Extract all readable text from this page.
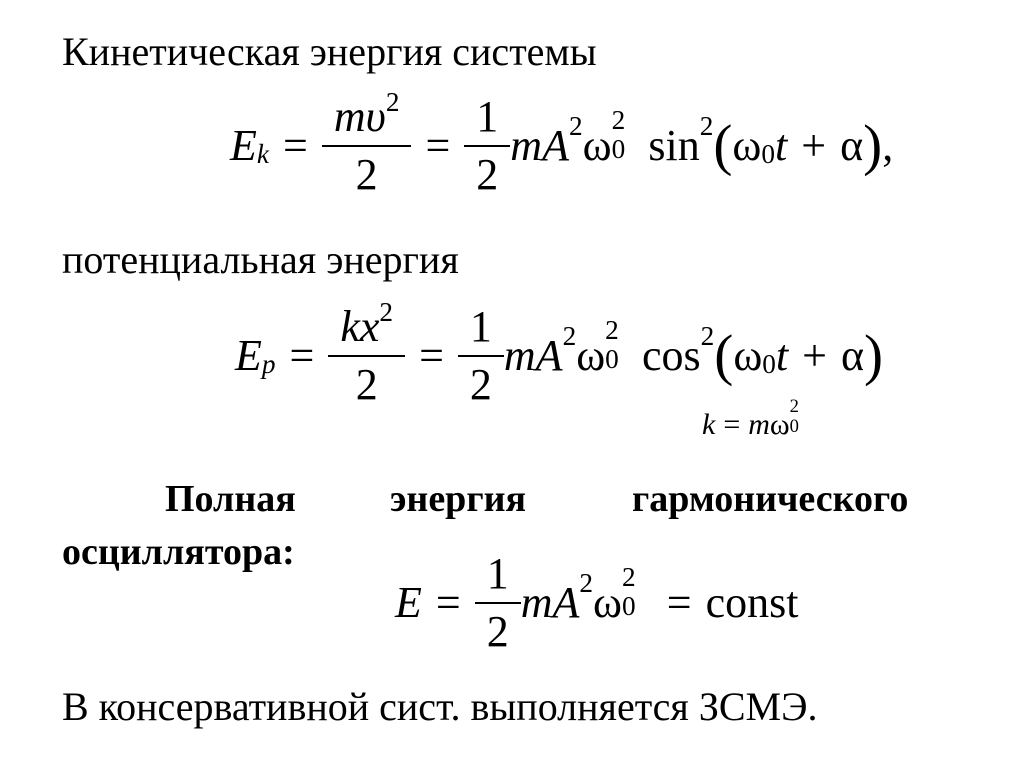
Кинетическая энергия системы
$E_k = \frac{m\upsilon^2}{2} = \frac{1}{2}$ m $A^2$ ω
2
0 $\sin^2$ ( $\omega_0$ t + α ) ,
потенциальная энергия
$E_p = \frac{kx^2}{2} = \frac{1}{2}$ m $A^2$ ω
2
0 $\cos^2$ ( $\omega_0$ t + α )
k = m ω
2
0
Полная энергия	гармонического
осциллятора:
$E = \frac{1}{2}$ m $A^2$ ω
2
0 = const
В консервативной сист. выполняется ЗСМЭ.
